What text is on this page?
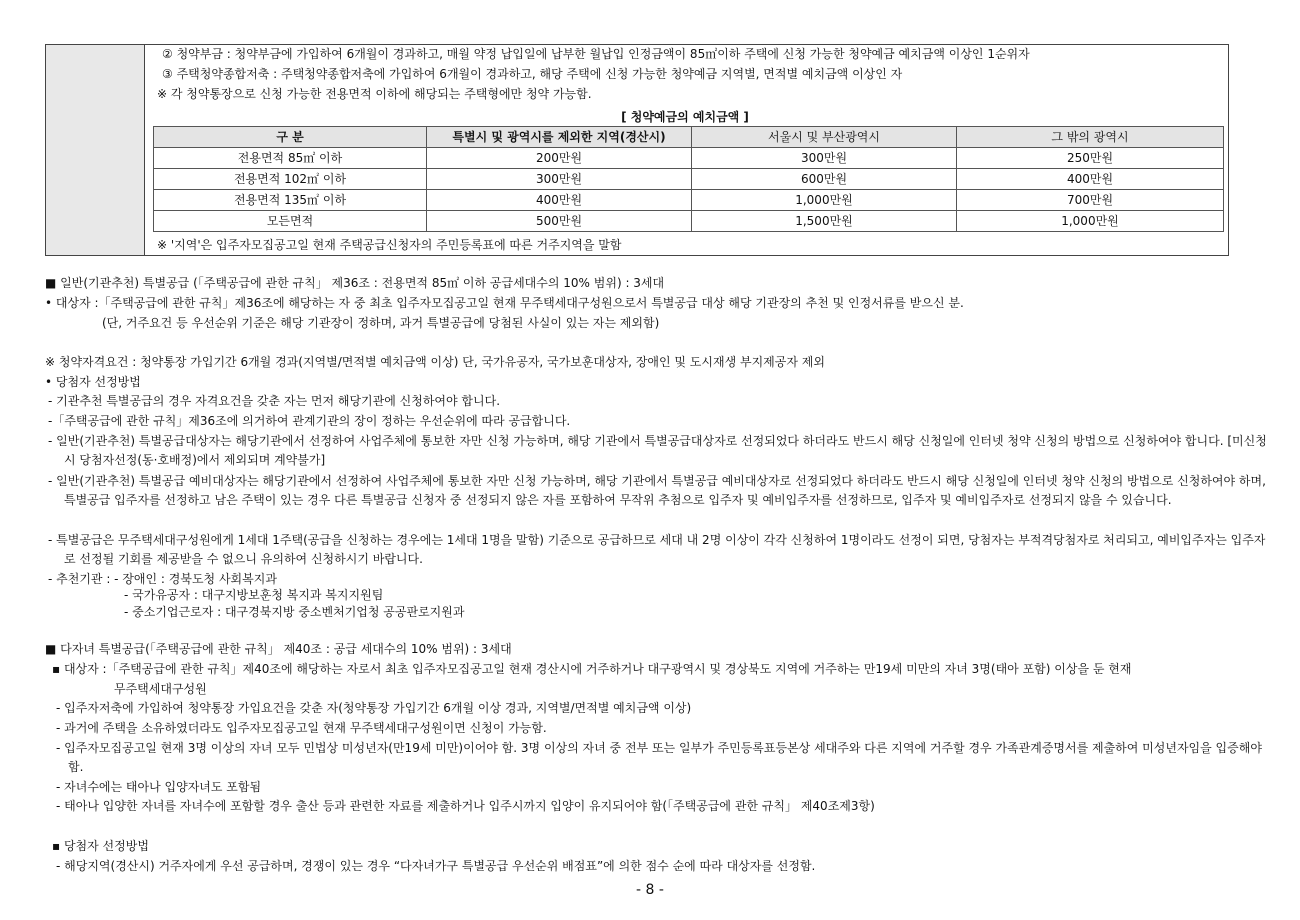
② 청약부금 : 청약부금에 가입하여 6개월이 경과하고, 매월 약정 납입일에 납부한 월납입 인정금액이 85㎡이하 주택에 신청 가능한 청약예금 예치금액 이상인 1순위자
③ 주택청약종합저축 : 주택청약종합저축에 가입하여 6개월이 경과하고, 해당 주택에 신청 가능한 청약예금 지역별, 면적별 예치금액 이상인 자
※ 각 청약통장으로 신청 가능한 전용면적 이하에 해당되는 주택형에만 청약 가능함.
[ 청약예금의 예치금액 ]
구 분	특별시 및 광역시를 제외한 지역(경산시)	서울시 및 부산광역시	그 밖의 광역시
전용면적 85㎡ 이하	200만원	300만원	250만원
전용면적 102㎡ 이하	300만원	600만원	400만원
전용면적 135㎡ 이하	400만원	1,000만원	700만원
모든면적	500만원	1,500만원	1,000만원
※ '지역'은 입주자모집공고일 현재 주택공급신청자의 주민등록표에 따른 거주지역을 말함
■ 일반(기관추천) 특별공급 (「주택공급에 관한 규칙」 제36조 : 전용면적 85㎡ 이하 공급세대수의 10% 범위) : 3세대
• 대상자 :「주택공급에 관한 규칙」제36조에 해당하는 자 중 최초 입주자모집공고일 현재 무주택세대구성원으로서 특별공급 대상 해당 기관장의 추천 및 인정서류를 받으신 분.
(단, 거주요건 등 우선순위 기준은 해당 기관장이 정하며, 과거 특별공급에 당첨된 사실이 있는 자는 제외함)
※ 청약자격요건 : 청약통장 가입기간 6개월 경과(지역별/면적별 예치금액 이상) 단, 국가유공자, 국가보훈대상자, 장애인 및 도시재생 부지제공자 제외
• 당첨자 선정방법
- 기관추천 특별공급의 경우 자격요건을 갖춘 자는 먼저 해당기관에 신청하여야 합니다.
-「주택공급에 관한 규칙」제36조에 의거하여 관계기관의 장이 정하는 우선순위에 따라 공급합니다.
- 일반(기관추천) 특별공급대상자는 해당기관에서 선정하여 사업주체에 통보한 자만 신청 가능하며, 해당 기관에서 특별공급대상자로 선정되었다 하더라도 반드시 해당 신청일에 인터넷 청약 신청의 방법으로 신청하여야 합니다. [미신청시 당첨자선정(동·호배정)에서 제외되며 계약불가]
- 일반(기관추천) 특별공급 예비대상자는 해당기관에서 선정하여 사업주체에 통보한 자만 신청 가능하며, 해당 기관에서 특별공급 예비대상자로 선정되었다 하더라도 반드시 해당 신청일에 인터넷 청약 신청의 방법으로 신청하여야 하며, 특별공급 입주자를 선정하고 남은 주택이 있는 경우 다른 특별공급 신청자 중 선정되지 않은 자를 포함하여 무작위 추첨으로 입주자 및 예비입주자를 선정하므로, 입주자 및 예비입주자로 선정되지 않을 수 있습니다.
- 특별공급은 무주택세대구성원에게 1세대 1주택(공급을 신청하는 경우에는 1세대 1명을 말함) 기준으로 공급하므로 세대 내 2명 이상이 각각 신청하여 1명이라도 선정이 되면, 당첨자는 부적격당첨자로 처리되고, 예비입주자는 입주자로 선정될 기회를 제공받을 수 없으니 유의하여 신청하시기 바랍니다.
- 추천기관 : - 장애인 : 경북도청 사회복지과
- 국가유공자 : 대구지방보훈청 복지과 복지지원팀
- 중소기업근로자 : 대구경북지방 중소벤처기업청 공공판로지원과
■ 다자녀 특별공급(「주택공급에 관한 규칙」 제40조 : 공급 세대수의 10% 범위) : 3세대
▪ 대상자 :「주택공급에 관한 규칙」제40조에 해당하는 자로서 최초 입주자모집공고일 현재 경산시에 거주하거나 대구광역시 및 경상북도 지역에 거주하는 만19세 미만의 자녀 3명(태아 포함) 이상을 둔 현재
무주택세대구성원
- 입주자저축에 가입하여 청약통장 가입요건을 갖춘 자(청약통장 가입기간 6개월 이상 경과, 지역별/면적별 예치금액 이상)
- 과거에 주택을 소유하였더라도 입주자모집공고일 현재 무주택세대구성원이면 신청이 가능함.
- 입주자모집공고일 현재 3명 이상의 자녀 모두 민법상 미성년자(만19세 미만)이어야 함. 3명 이상의 자녀 중 전부 또는 일부가 주민등록표등본상 세대주와 다른 지역에 거주할 경우 가족관계증명서를 제출하여 미성년자임을 입증해야 함.
- 자녀수에는 태아나 입양자녀도 포함됨
- 태아나 입양한 자녀를 자녀수에 포함할 경우 출산 등과 관련한 자료를 제출하거나 입주시까지 입양이 유지되어야 함(「주택공급에 관한 규칙」 제40조제3항)
▪ 당첨자 선정방법
- 해당지역(경산시) 거주자에게 우선 공급하며, 경쟁이 있는 경우 “다자녀가구 특별공급 우선순위 배점표”에 의한 점수 순에 따라 대상자를 선정함.
- 8 -
